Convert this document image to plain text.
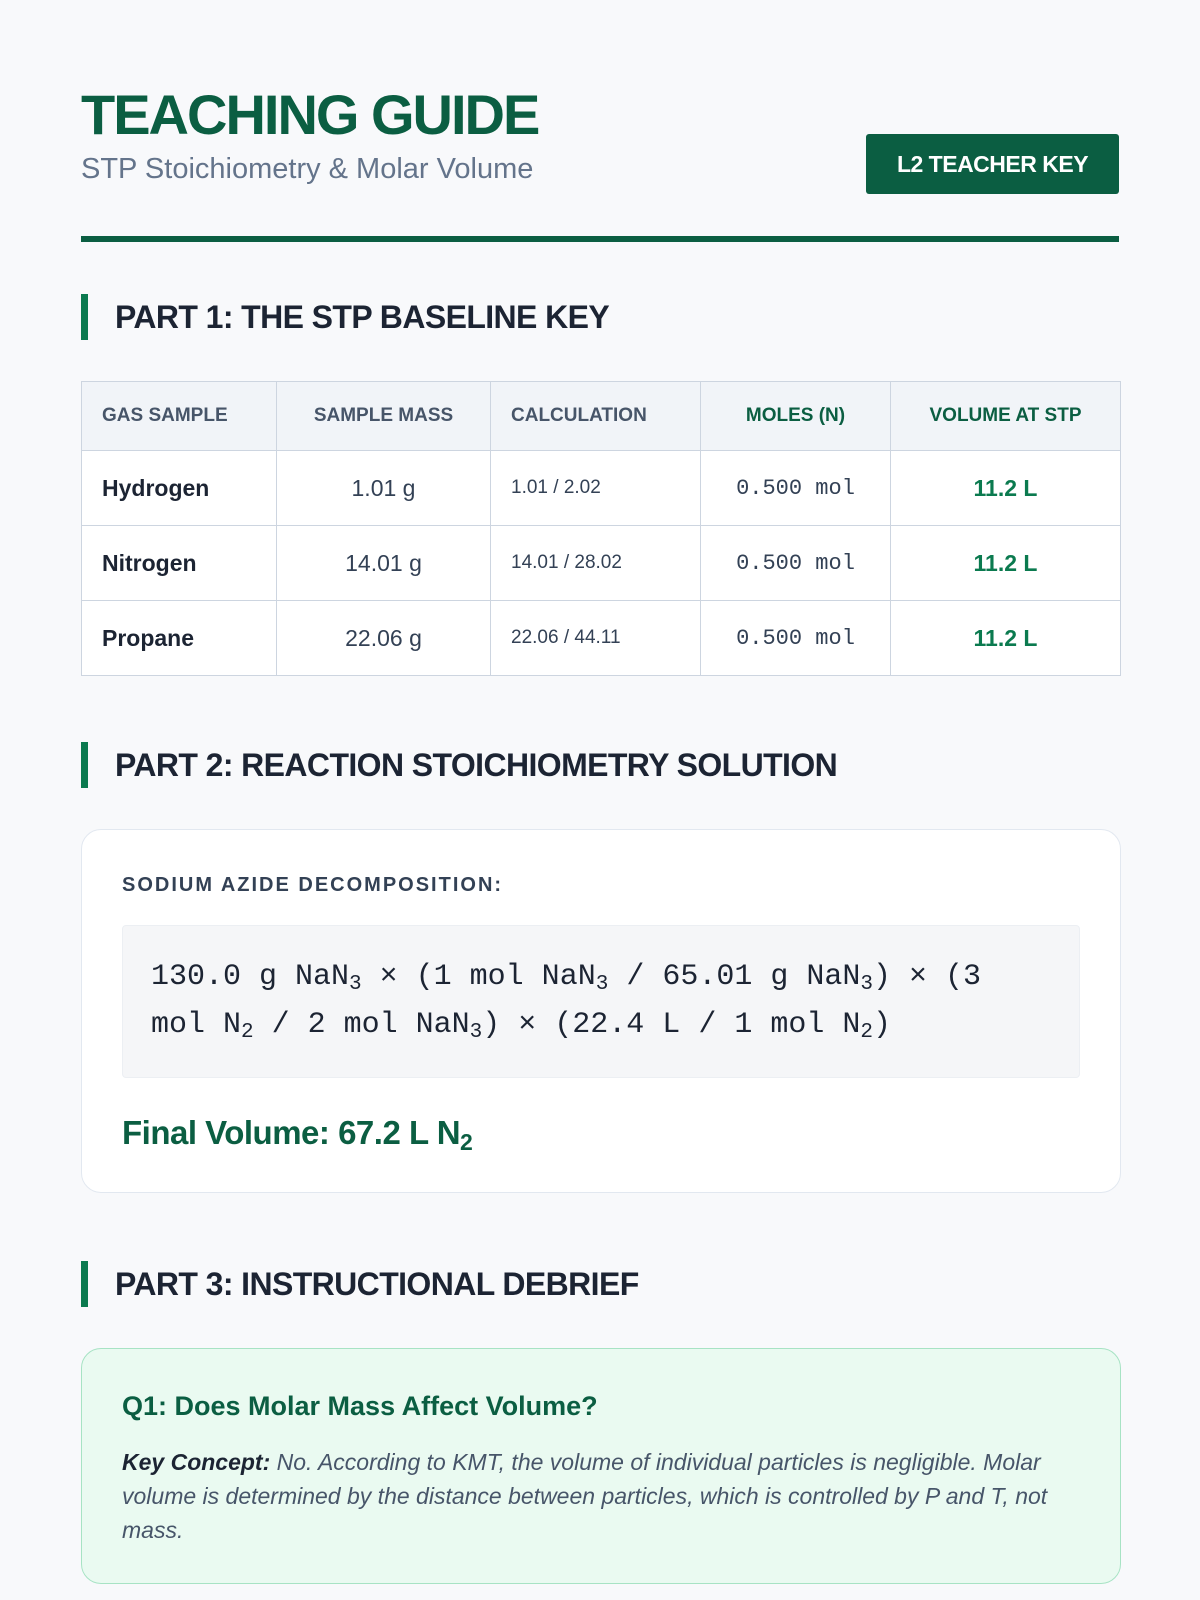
TEACHING GUIDE
STP Stoichiometry & Molar Volume	L2 TEACHER KEY
PART 1: THE STP BASELINE KEY
GAS SAMPLE	SAMPLE MASS	CALCULATION	MOLES (N)	VOLUME AT STP
Hydrogen	1.01 g	1.01 / 2.02	0.500 mol	11.2 L
Nitrogen	14.01 g	14.01 / 28.02	0.500 mol	11.2 L
Propane	22.06 g	22.06 / 44.11	0.500 mol	11.2 L
PART 2: REACTION STOICHIOMETRY SOLUTION
SODIUM AZIDE DECOMPOSITION:
130.0 g NaN$_3$ × (1 mol NaN$_3$ / 65.01 g NaN$_3$) × (3 mol $N_2 / 2$ mol NaN$_3$) × (22.4 L / 1 mol $N_2$)
Final Volume: 67.2 L $N_2$
PART 3: INSTRUCTIONAL DEBRIEF
Q1: Does Molar Mass Affect Volume?
Key Concept: No. According to KMT, the volume of individual particles is negligible. Molar volume is determined by the distance between particles, which is controlled by P and T, not mass.
